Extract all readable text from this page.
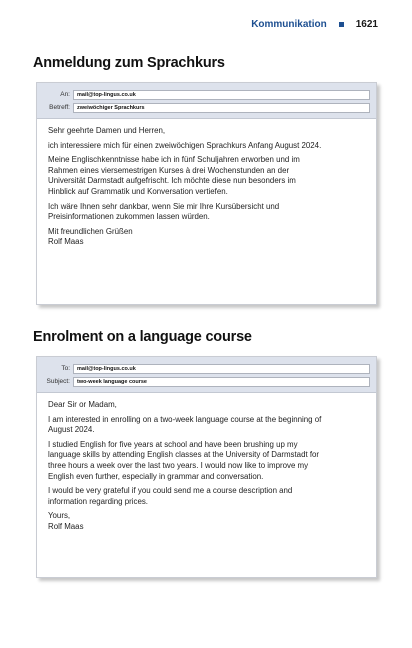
Kommunikation	1621
Anmeldung zum Sprachkurs
An:	mail@top-lingus.co.uk
Betreff:	zweiwöchiger Sprachkurs

Sehr geehrte Damen und Herren,

ich interessiere mich für einen zweiwöchigen Sprachkurs Anfang August 2024.

Meine Englischkenntnisse habe ich in fünf Schuljahren erworben und im
Rahmen eines viersemestrigen Kurses à drei Wochenstunden an der
Universität Darmstadt aufgefrischt. Ich möchte diese nun besonders im
Hinblick auf Grammatik und Konversation vertiefen.

Ich wäre Ihnen sehr dankbar, wenn Sie mir Ihre Kursübersicht und
Preisinformationen zukommen lassen würden.

Mit freundlichen Grüßen
Rolf Maas

Enrolment on a language course
To:	mail@top-lingus.co.uk
Subject:	two-week language course

Dear Sir or Madam,

I am interested in enrolling on a two-week language course at the beginning of
August 2024.

I studied English for five years at school and have been brushing up my
language skills by attending English classes at the University of Darmstadt for
three hours a week over the last two years. I would now like to improve my
English even further, especially in grammar and conversation.

I would be very grateful if you could send me a course description and
information regarding prices.

Yours,
Rolf Maas
